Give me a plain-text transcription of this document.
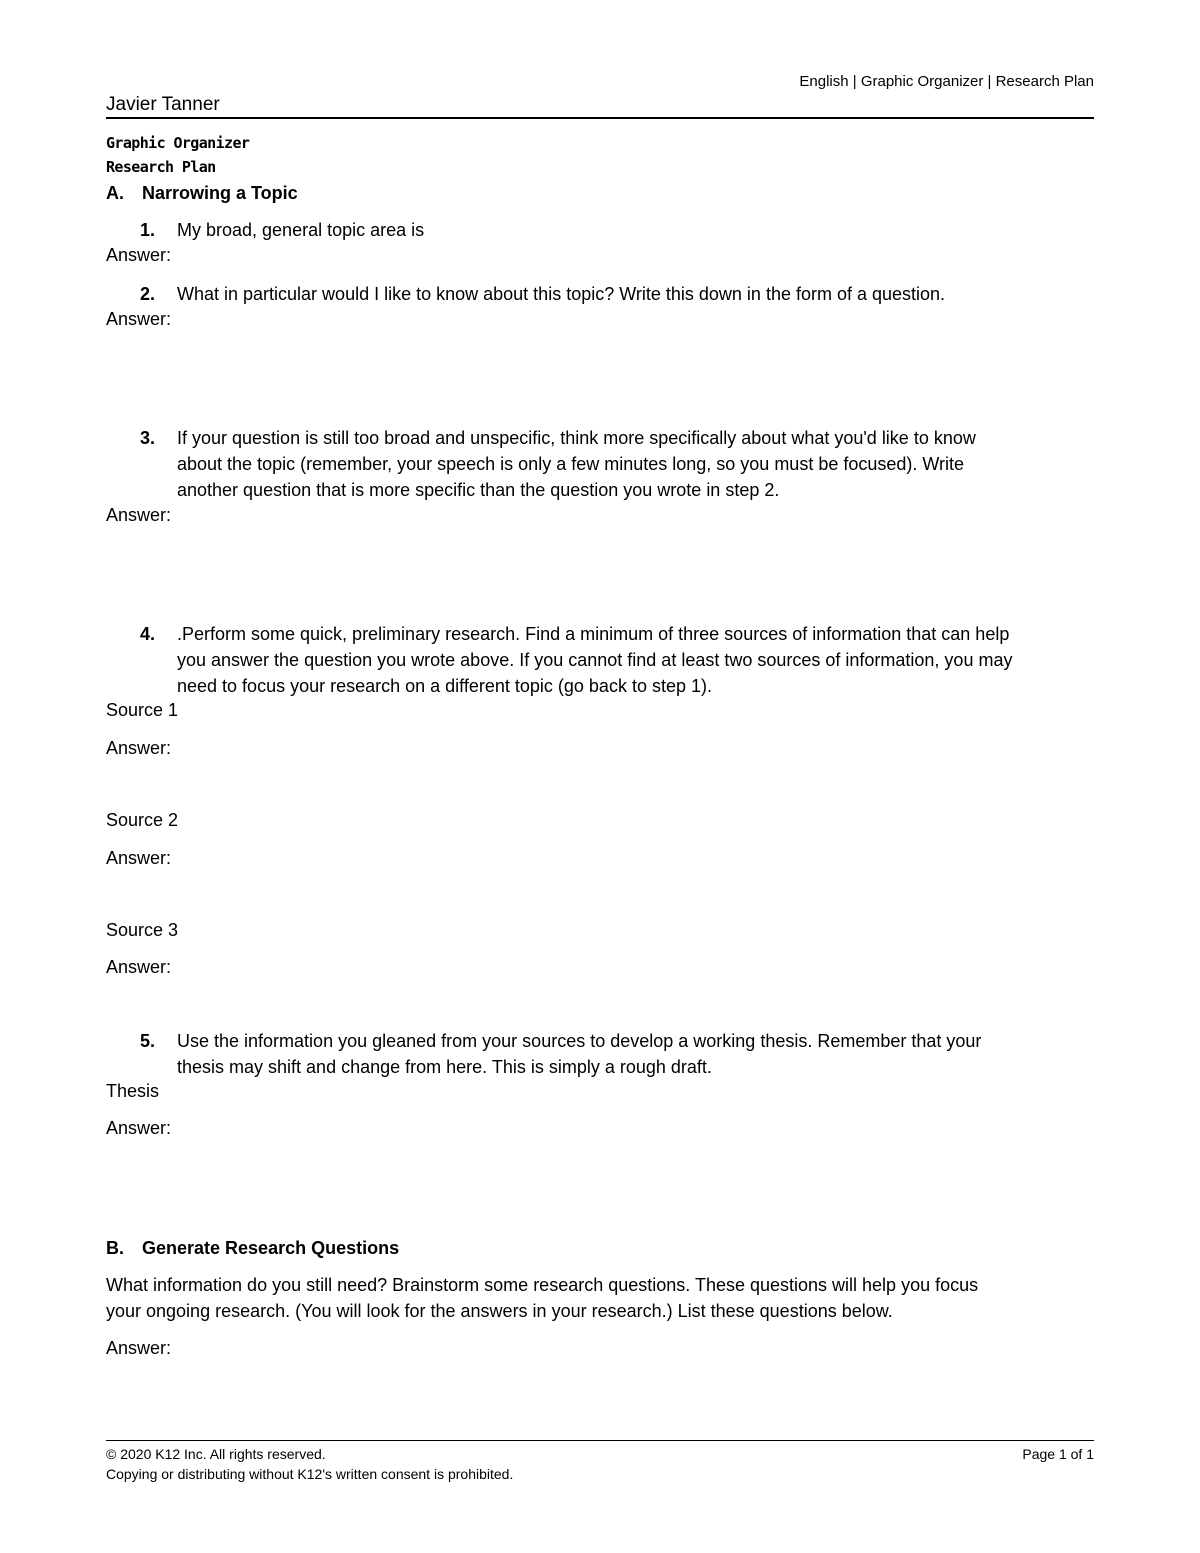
English | Graphic Organizer | Research Plan
Javier Tanner
Graphic Organizer
Research Plan
A. Narrowing a Topic
1. My broad, general topic area is
Answer:
2. What in particular would I like to know about this topic? Write this down in the form of a question.
Answer:
3. If your question is still too broad and unspecific, think more specifically about what you'd like to know
about the topic (remember, your speech is only a few minutes long, so you must be focused). Write
another question that is more specific than the question you wrote in step 2.
Answer:
4. .Perform some quick, preliminary research. Find a minimum of three sources of information that can help
you answer the question you wrote above. If you cannot find at least two sources of information, you may
need to focus your research on a different topic (go back to step 1).
Source 1
Answer:
Source 2
Answer:
Source 3
Answer:
5. Use the information you gleaned from your sources to develop a working thesis. Remember that your
thesis may shift and change from here. This is simply a rough draft.
Thesis
Answer:
B. Generate Research Questions
What information do you still need? Brainstorm some research questions. These questions will help you focus
your ongoing research. (You will look for the answers in your research.) List these questions below.
Answer:
© 2020 K12 Inc. All rights reserved.
Copying or distributing without K12's written consent is prohibited.
Page 1 of 1
